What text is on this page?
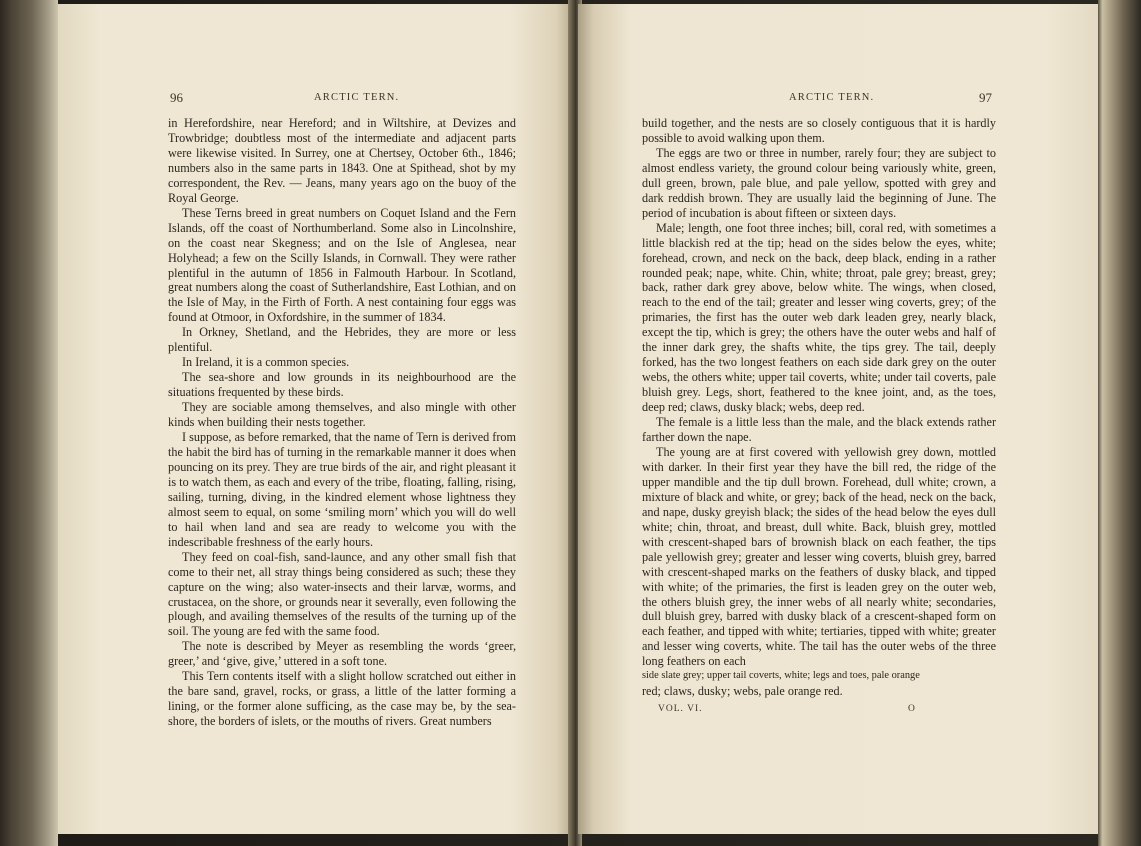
96	ARCTIC TERN.

in Herefordshire, near Hereford; and in Wiltshire, at Devizes and Trowbridge; doubtless most of the intermediate and adjacent parts were likewise visited. In Surrey, one at Chertsey, October 6th., 1846; numbers also in the same parts in 1843. One at Spithead, shot by my correspondent, the Rev. — Jeans, many years ago on the buoy of the Royal George.

These Terns breed in great numbers on Coquet Island and the Fern Islands, off the coast of Northumberland. Some also in Lincolnshire, on the coast near Skegness; and on the Isle of Anglesea, near Holyhead; a few on the Scilly Islands, in Cornwall. They were rather plentiful in the autumn of 1856 in Falmouth Harbour. In Scotland, great numbers along the coast of Sutherlandshire, East Lothian, and on the Isle of May, in the Firth of Forth. A nest containing four eggs was found at Otmoor, in Oxfordshire, in the summer of 1834.

In Orkney, Shetland, and the Hebrides, they are more or less plentiful.

In Ireland, it is a common species.

The sea-shore and low grounds in its neighbourhood are the situations frequented by these birds.

They are sociable among themselves, and also mingle with other kinds when building their nests together.

I suppose, as before remarked, that the name of Tern is derived from the habit the bird has of turning in the remarkable manner it does when pouncing on its prey. They are true birds of the air, and right pleasant it is to watch them, as each and every of the tribe, floating, falling, rising, sailing, turning, diving, in the kindred element whose lightness they almost seem to equal, on some ‘smiling morn’ which you will do well to hail when land and sea are ready to welcome you with the indescribable freshness of the early hours.

They feed on coal-fish, sand-launce, and any other small fish that come to their net, all stray things being considered as such; these they capture on the wing; also water-insects and their larvæ, worms, and crustacea, on the shore, or grounds near it severally, even following the plough, and availing themselves of the results of the turning up of the soil. The young are fed with the same food.

The note is described by Meyer as resembling the words ‘greer, greer,’ and ‘give, give,’ uttered in a soft tone.

This Tern contents itself with a slight hollow scratched out either in the bare sand, gravel, rocks, or grass, a little of the latter forming a lining, or the former alone sufficing, as the case may be, by the sea-shore, the borders of islets, or the mouths of rivers. Great numbers

ARCTIC TERN.	97

build together, and the nests are so closely contiguous that it is hardly possible to avoid walking upon them.

The eggs are two or three in number, rarely four; they are subject to almost endless variety, the ground colour being variously white, green, dull green, brown, pale blue, and pale yellow, spotted with grey and dark reddish brown. They are usually laid the beginning of June. The period of incubation is about fifteen or sixteen days.

Male; length, one foot three inches; bill, coral red, with sometimes a little blackish red at the tip; head on the sides below the eyes, white; forehead, crown, and neck on the back, deep black, ending in a rather rounded peak; nape, white. Chin, white; throat, pale grey; breast, grey; back, rather dark grey above, below white. The wings, when closed, reach to the end of the tail; greater and lesser wing coverts, grey; of the primaries, the first has the outer web dark leaden grey, nearly black, except the tip, which is grey; the others have the outer webs and half of the inner dark grey, the shafts white, the tips grey. The tail, deeply forked, has the two longest feathers on each side dark grey on the outer webs, the others white; upper tail coverts, white; under tail coverts, pale bluish grey. Legs, short, feathered to the knee joint, and, as the toes, deep red; claws, dusky black; webs, deep red.

The female is a little less than the male, and the black extends rather farther down the nape.

The young are at first covered with yellowish grey down, mottled with darker. In their first year they have the bill red, the ridge of the upper mandible and the tip dull brown. Forehead, dull white; crown, a mixture of black and white, or grey; back of the head, neck on the back, and nape, dusky greyish black; the sides of the head below the eyes dull white; chin, throat, and breast, dull white. Back, bluish grey, mottled with crescent-shaped bars of brownish black on each feather, the tips pale yellowish grey; greater and lesser wing coverts, bluish grey, barred with crescent-shaped marks on the feathers of dusky black, and tipped with white; of the primaries, the first is leaden grey on the outer web, the others bluish grey, the inner webs of all nearly white; secondaries, dull bluish grey, barred with dusky black of a crescent-shaped form on each feather, and tipped with white; tertiaries, tipped with white; greater and lesser wing coverts, white. The tail has the outer webs of the three long feathers on each

side slate grey; upper tail coverts, white; legs and toes, pale orange

red; claws, dusky; webs, pale orange red.

VOL. VI.	O
